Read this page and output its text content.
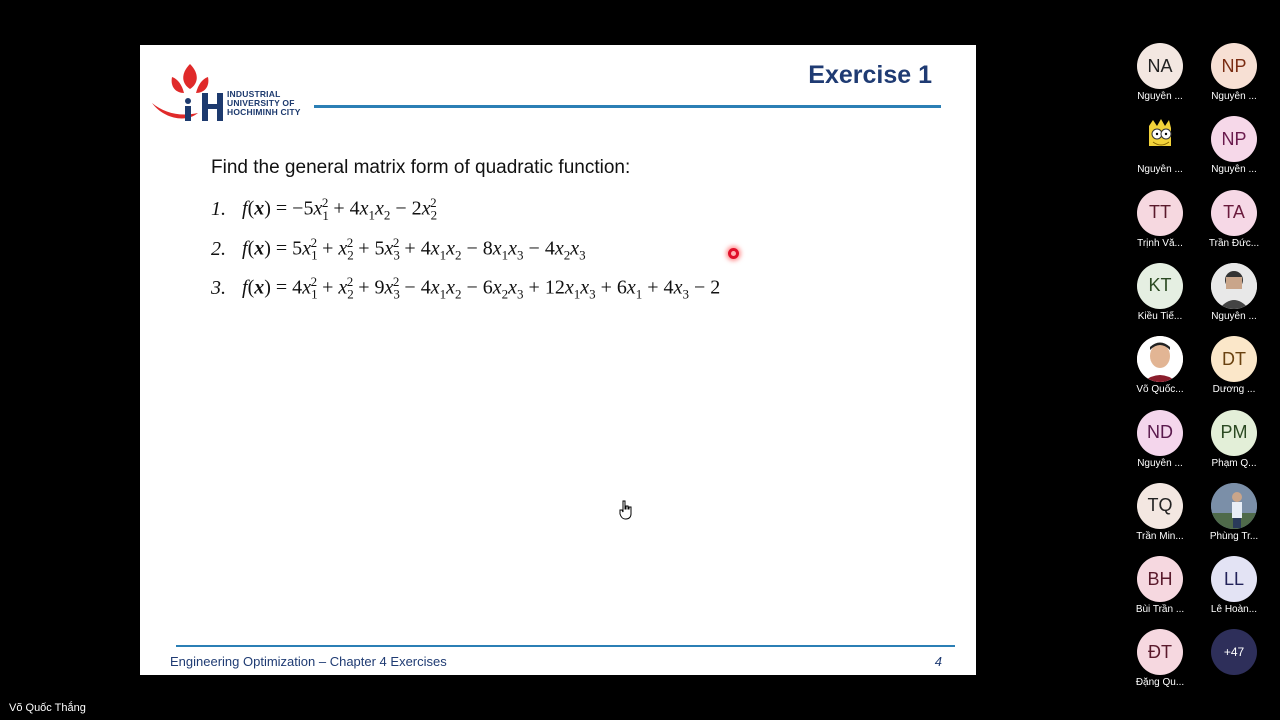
INDUSTRIAL
UNIVERSITY OF
HOCHIMINH CITY
Exercise 1
Find the general matrix form of quadratic function:
1. $f(x) = -5x_1^2 + 4x_1x_2 - 2x_2^2$
2. $f(x) = 5x_1^2 + x_2^2 + 5x_3^2 + 4x_1x_2 - 8x_1x_3 - 4x_2x_3$
3. $f(x) = 4x_1^2 + x_2^2 + 9x_3^2 - 4x_1x_2 - 6x_2x_3 + 12x_1x_3 + 6x_1 + 4x_3 - 2$
Engineering Optimization – Chapter 4 Exercises	4
Võ Quốc Thắng
NA
Nguyễn ...
NP
Nguyễn ...
Nguyễn ...
NP
Nguyễn ...
TT
Trịnh Vă...
TA
Trần Đức...
KT
Kiều Tiế...	Nguyễn ...
Võ Quốc...
DT
Dương ...
ND
Nguyễn ...
PM
Phạm Q...
TQ
Trần Min...	Phùng Tr...
BH
Bùi Trần ...
LL
Lê Hoàn...
ĐT
Đặng Qu...
+47
